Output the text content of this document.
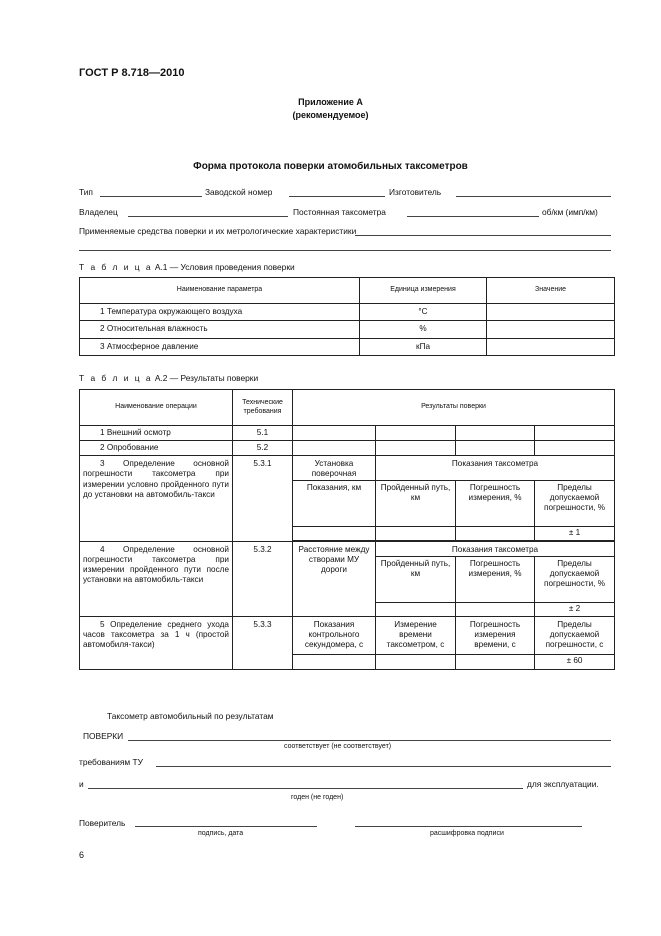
ГОСТ Р 8.718—2010
Приложение А
(рекомендуемое)
Форма протокола поверки атомобильных таксометров
Тип	Заводской номер	Изготовитель
Владелец	Постоянная таксометра	об/км (имп/км)
Применяемые средства поверки и их метрологические характеристики
Т а б л и ц а А.1 — Условия проведения поверки
Наименование параметра	Единица измерения	Значение
1 Температура окружающего воздуха	°С	
2 Относительная влажность	%	
3 Атмосферное давление	кПа	
Т а б л и ц а А.2 — Результаты поверки
Наименование операции	Технические требования	Результаты поверки			
1 Внешний осмотр	5.1				
2 Опробование	5.2				
3 Определение основной погрешности таксометра при измерении условно пройденного пути до установки на автомобиль-такси	5.3.1	Установка поверочная	Показания таксометра		
		Показания, км	Пройденный путь, км	Погрешность измерения, %	Пределы допускаемой погрешности, %
					± 1

4 Определение основной погрешности таксометра при измерении пройденного пути после установки на автомобиль-такси	5.3.2	Расстояние между створами МУ дороги	Показания таксометра		
			Пройденный путь, км	Погрешность измерения, %	Пределы допускаемой погрешности, %
					± 2
5 Определение среднего ухода часов таксометра за 1 ч (простой автомобиля-такси)	5.3.3	Показания контрольного секундомера, с	Измерение времени таксометром, с	Погрешность измерения времени, с	Пределы допускаемой погрешности, с
					± 60
Таксометр автомобильный по результатам
ПОВЕРКИ
соответствует (не соответствует)
требованиям ТУ
и	для эксплуатации.
годен (не годен)
Поверитель
подпись, дата	расшифровка подписи
6
